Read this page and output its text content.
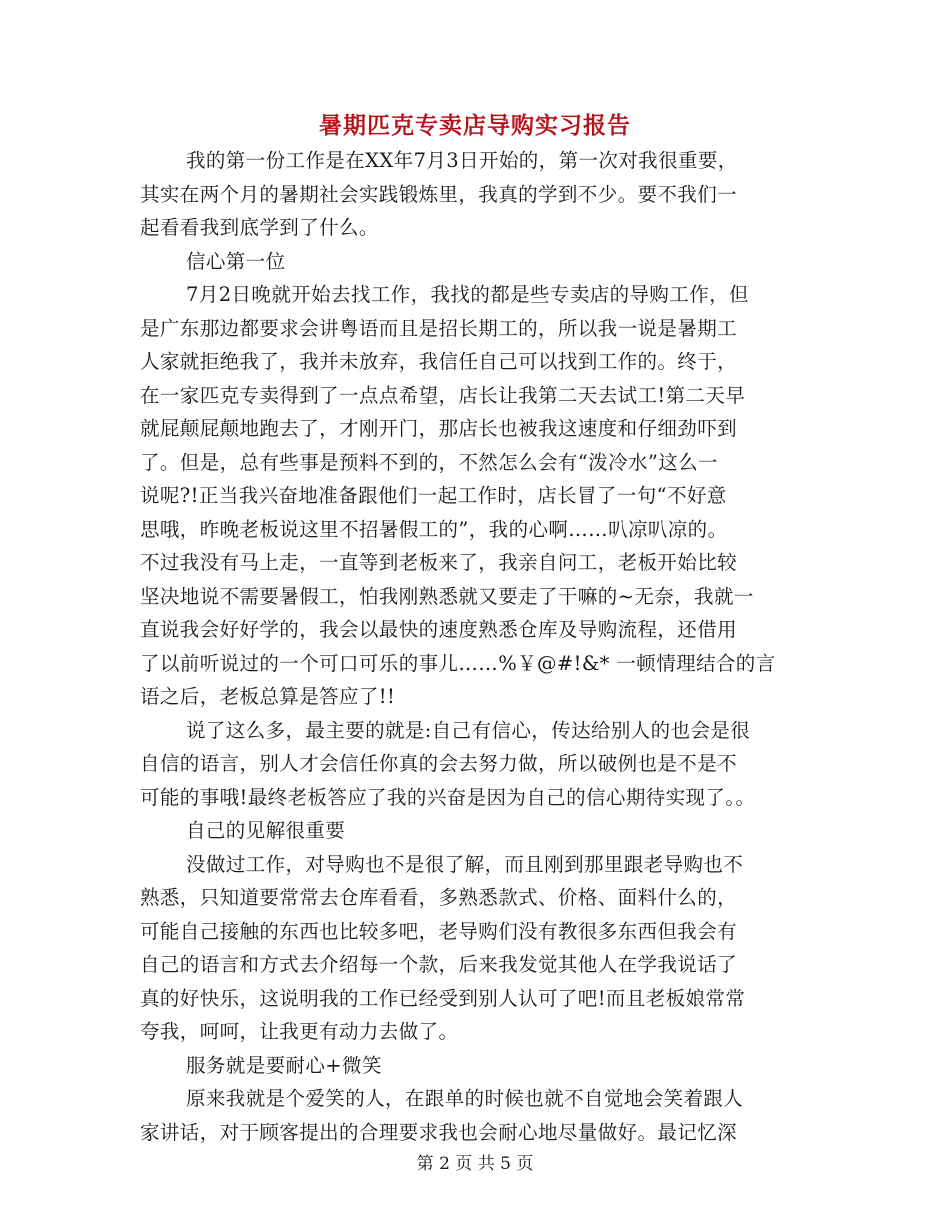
暑期匹克专卖店导购实习报告
我的第一份工作是在XX年7月3日开始的，第一次对我很重要，
其实在两个月的暑期社会实践锻炼里，我真的学到不少。要不我们一
起看看我到底学到了什么。
信心第一位
7月2日晚就开始去找工作，我找的都是些专卖店的导购工作，但
是广东那边都要求会讲粤语而且是招长期工的，所以我一说是暑期工
人家就拒绝我了，我并未放弃，我信任自己可以找到工作的。终于，
在一家匹克专卖得到了一点点希望，店长让我第二天去试工!第二天早
就屁颠屁颠地跑去了，才刚开门，那店长也被我这速度和仔细劲吓到
了。但是，总有些事是预料不到的，不然怎么会有“泼冷水”这么一
说呢?!正当我兴奋地准备跟他们一起工作时，店长冒了一句“不好意
思哦，昨晚老板说这里不招暑假工的”，我的心啊……叭凉叭凉的。
不过我没有马上走，一直等到老板来了，我亲自问工，老板开始比较
坚决地说不需要暑假工，怕我刚熟悉就又要走了干嘛的~无奈，我就一
直说我会好好学的，我会以最快的速度熟悉仓库及导购流程，还借用
了以前听说过的一个可口可乐的事儿……%￥@#!&* 一顿情理结合的言
语之后，老板总算是答应了!!
说了这么多，最主要的就是:自己有信心，传达给别人的也会是很
自信的语言，别人才会信任你真的会去努力做，所以破例也是不是不
可能的事哦!最终老板答应了我的兴奋是因为自己的信心期待实现了。。
自己的见解很重要
没做过工作，对导购也不是很了解，而且刚到那里跟老导购也不
熟悉，只知道要常常去仓库看看，多熟悉款式、价格、面料什么的，
可能自己接触的东西也比较多吧，老导购们没有教很多东西但我会有
自己的语言和方式去介绍每一个款，后来我发觉其他人在学我说话了
真的好快乐，这说明我的工作已经受到别人认可了吧!而且老板娘常常
夸我，呵呵，让我更有动力去做了。
服务就是要耐心+微笑
原来我就是个爱笑的人，在跟单的时候也就不自觉地会笑着跟人
家讲话，对于顾客提出的合理要求我也会耐心地尽量做好。最记忆深
第 2 页 共 5 页
